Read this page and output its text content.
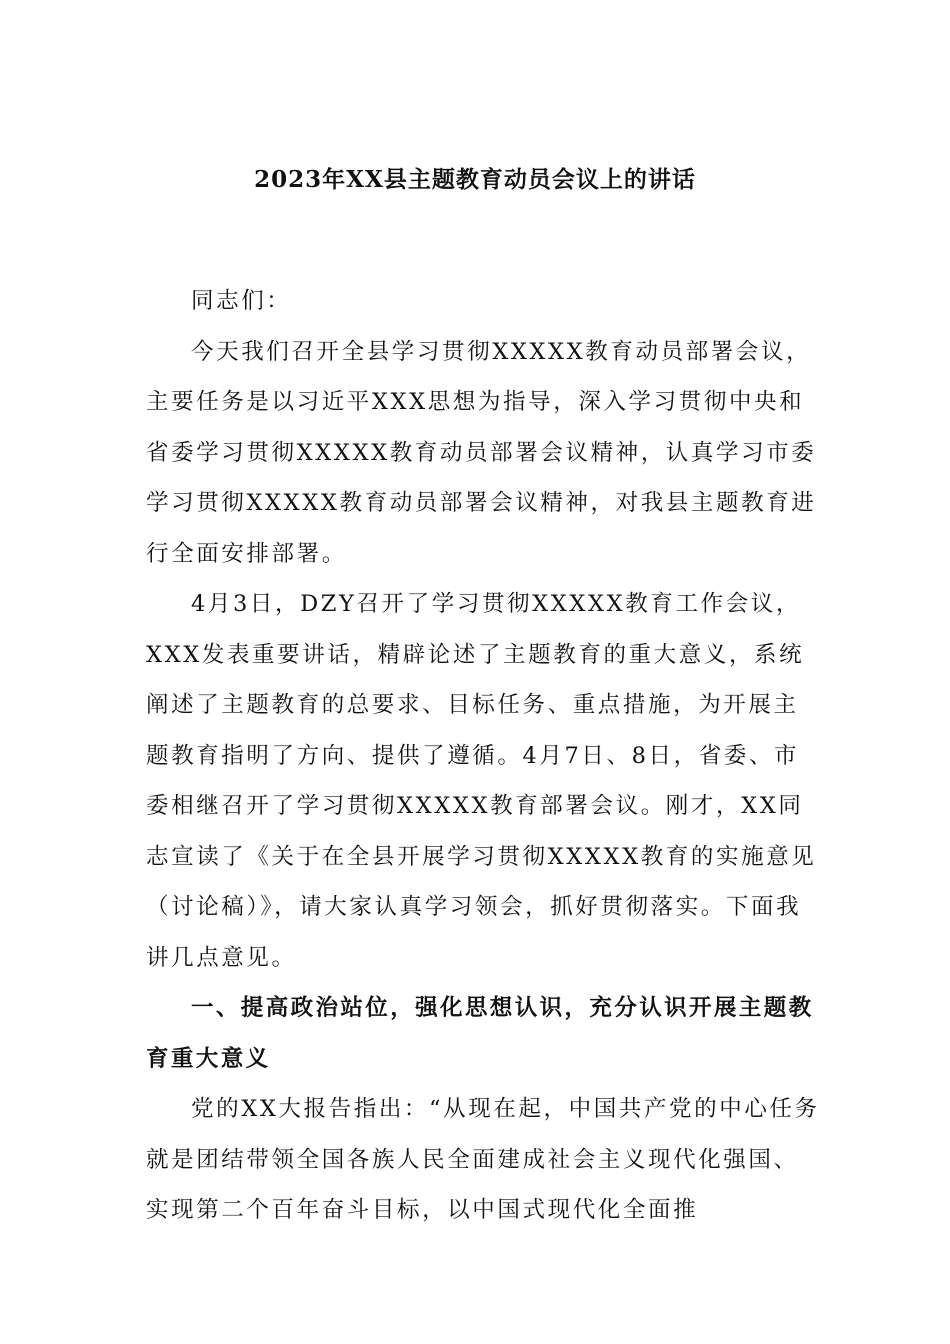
2023年XX县主题教育动员会议上的讲话

同志们：

今天我们召开全县学习贯彻XXXXX教育动员部署会议，主要任务是以习近平XXX思想为指导，深入学习贯彻中央和省委学习贯彻XXXXX教育动员部署会议精神，认真学习市委学习贯彻XXXXX教育动员部署会议精神，对我县主题教育进行全面安排部署。

4月3日，DZY召开了学习贯彻XXXXX教育工作会议，XXX发表重要讲话，精辟论述了主题教育的重大意义，系统阐述了主题教育的总要求、目标任务、重点措施，为开展主题教育指明了方向、提供了遵循。4月7日、8日，省委、市委相继召开了学习贯彻XXXXX教育部署会议。刚才，XX同志宣读了《关于在全县开展学习贯彻XXXXX教育的实施意见（讨论稿）》，请大家认真学习领会，抓好贯彻落实。下面我讲几点意见。

一、提高政治站位，强化思想认识，充分认识开展主题教育重大意义

党的XX大报告指出：“从现在起，中国共产党的中心任务就是团结带领全国各族人民全面建成社会主义现代化强国、实现第二个百年奋斗目标，以中国式现代化全面推
